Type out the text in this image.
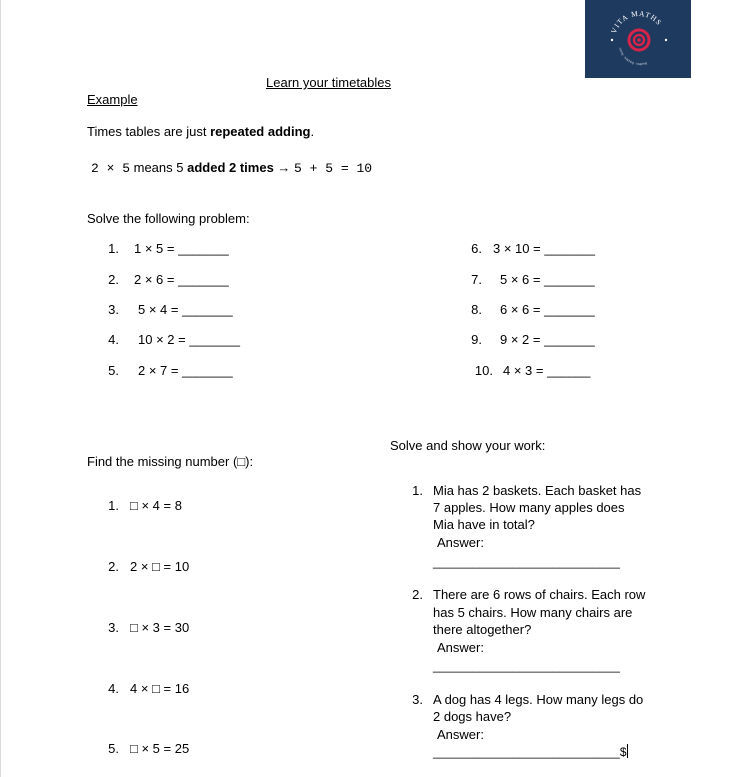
VITA MATHS
caring · teaching · inspiring
Learn your timetables
Example
Times tables are just repeated adding.
2 × 5 means 5 added 2 times → 5 + 5 = 10
Solve the following problem:
1. 1 × 5 = _______
2. 2 × 6 = _______
3. 5 × 4 = _______
4. 10 × 2 = _______
5. 2 × 7 = _______
6. 3 × 10 = _______
7. 5 × 6 = _______
8. 6 × 6 = _______
9. 9 × 2 = _______
10. 4 × 3 = ______
Find the missing number (□):
1. □ × 4 = 8
2. 2 × □ = 10
3. □ × 3 = 30
4. 4 × □ = 16
5. □ × 5 = 25
Solve and show your work:
1. Mia has 2 baskets. Each basket has
7 apples. How many apples does
Mia have in total?
Answer:
____________________________
2. There are 6 rows of chairs. Each row
has 5 chairs. How many chairs are
there altogether?
Answer:
____________________________
3. A dog has 4 legs. How many legs do
2 dogs have?
Answer:
____________________________$
